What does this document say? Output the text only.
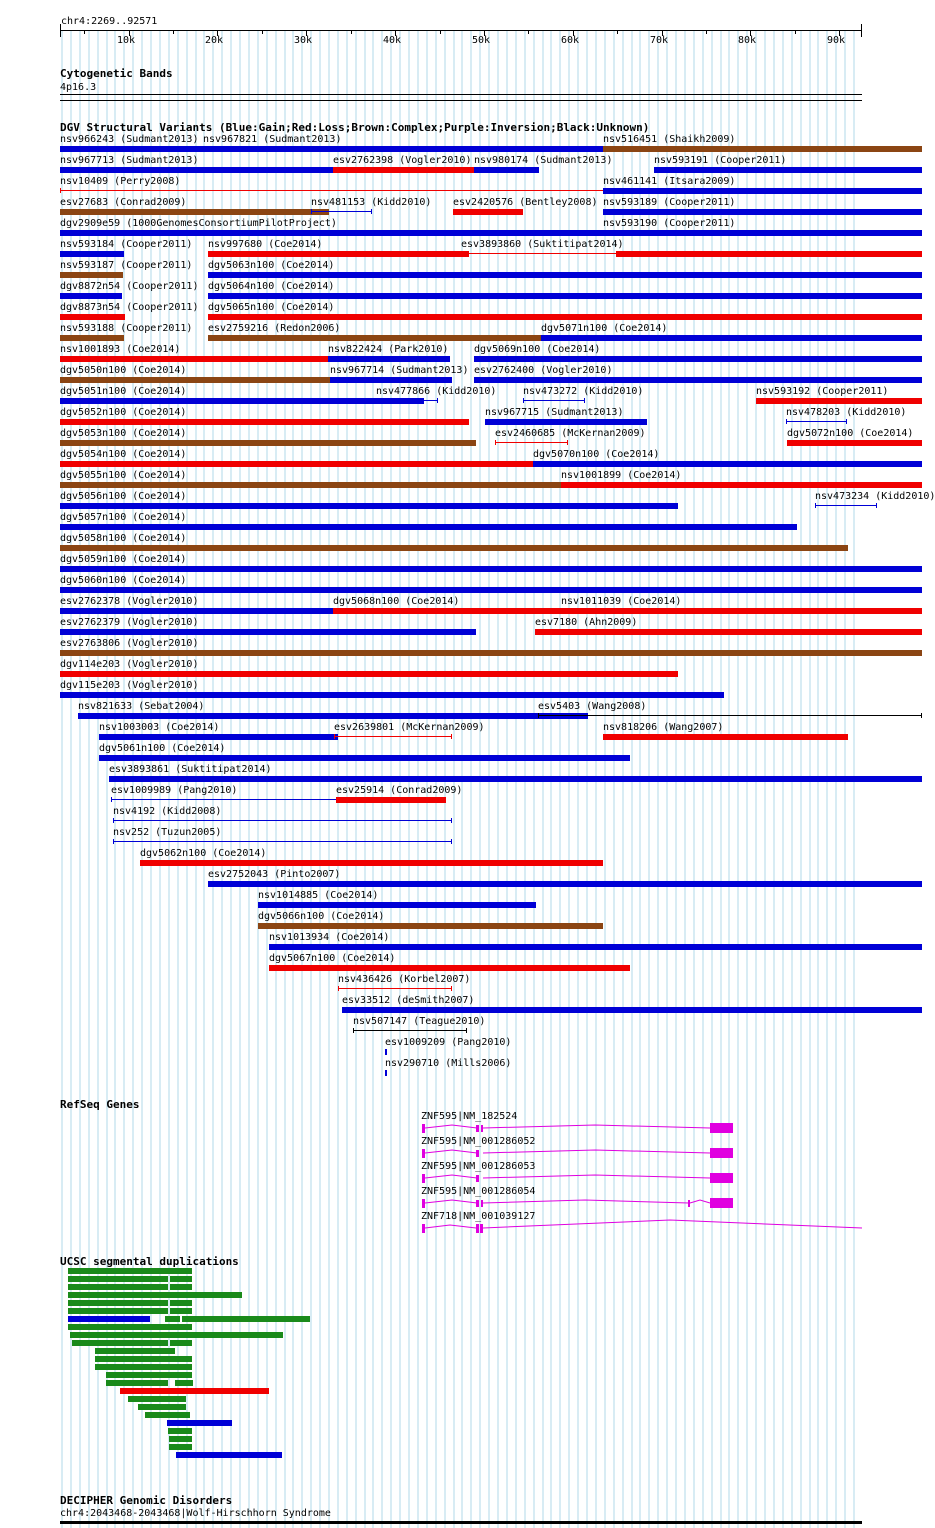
chr4:2269..92571
10k	20k	30k	40k	50k	60k	70k	80k	90k
Cytogenetic Bands
4p16.3
DGV Structural Variants (Blue:Gain;Red:Loss;Brown:Complex;Purple:Inversion;Black:Unknown)
nsv966243 (Sudmant2013) nsv967821 (Sudmant2013)	nsv516451 (Shaikh2009)
nsv967713 (Sudmant2013)	esv2762398 (Vogler2010) nsv980174 (Sudmant2013)	nsv593191 (Cooper2011)
nsv10409 (Perry2008)	nsv461141 (Itsara2009)
esv27683 (Conrad2009)	nsv481153 (Kidd2010) esv2420576 (Bentley2008) nsv593189 (Cooper2011)
dgv2909e59 (1000GenomesConsortiumPilotProject)	nsv593190 (Cooper2011)
nsv593184 (Cooper2011) nsv997680 (Coe2014)	esv3893860 (Suktitipat2014)
nsv593187 (Cooper2011) dgv5063n100 (Coe2014)
dgv8872n54 (Cooper2011) dgv5064n100 (Coe2014)
dgv8873n54 (Cooper2011) dgv5065n100 (Coe2014)
nsv593188 (Cooper2011) esv2759216 (Redon2006)	dgv5071n100 (Coe2014)
nsv1001893 (Coe2014)	nsv822424 (Park2010)	dgv5069n100 (Coe2014)
dgv5050n100 (Coe2014)	nsv967714 (Sudmant2013) esv2762400 (Vogler2010)
dgv5051n100 (Coe2014)	nsv477866 (Kidd2010)	nsv473272 (Kidd2010)	nsv593192 (Cooper2011)
dgv5052n100 (Coe2014)	nsv967715 (Sudmant2013)	nsv478203 (Kidd2010)
dgv5053n100 (Coe2014)	esv2460685 (McKernan2009)	dgv5072n100 (Coe2014)
dgv5054n100 (Coe2014)	dgv5070n100 (Coe2014)
dgv5055n100 (Coe2014)	nsv1001899 (Coe2014)
dgv5056n100 (Coe2014)	nsv473234 (Kidd2010)
dgv5057n100 (Coe2014)
dgv5058n100 (Coe2014)
dgv5059n100 (Coe2014)
dgv5060n100 (Coe2014)
esv2762378 (Vogler2010)	dgv5068n100 (Coe2014)	nsv1011039 (Coe2014)
esv2762379 (Vogler2010)	esv7180 (Ahn2009)
esv2763806 (Vogler2010)
dgv114e203 (Vogler2010)
dgv115e203 (Vogler2010)
nsv821633 (Sebat2004)	esv5403 (Wang2008)
nsv1003003 (Coe2014)	esv2639801 (McKernan2009)	nsv818206 (Wang2007)
dgv5061n100 (Coe2014)
esv3893861 (Suktitipat2014)
esv1009989 (Pang2010)	esv25914 (Conrad2009)
nsv4192 (Kidd2008)
nsv252 (Tuzun2005)
dgv5062n100 (Coe2014)
esv2752043 (Pinto2007)
nsv1014885 (Coe2014)
dgv5066n100 (Coe2014)
nsv1013934 (Coe2014)
dgv5067n100 (Coe2014)
nsv436426 (Korbel2007)
esv33512 (deSmith2007)
nsv507147 (Teague2010)
esv1009209 (Pang2010)
nsv290710 (Mills2006)
RefSeq Genes
ZNF595|NM_182524
ZNF595|NM_001286052
ZNF595|NM_001286053
ZNF595|NM_001286054
ZNF718|NM_001039127
UCSC segmental duplications
DECIPHER Genomic Disorders
chr4:2043468-2043468|Wolf-Hirschhorn Syndrome
